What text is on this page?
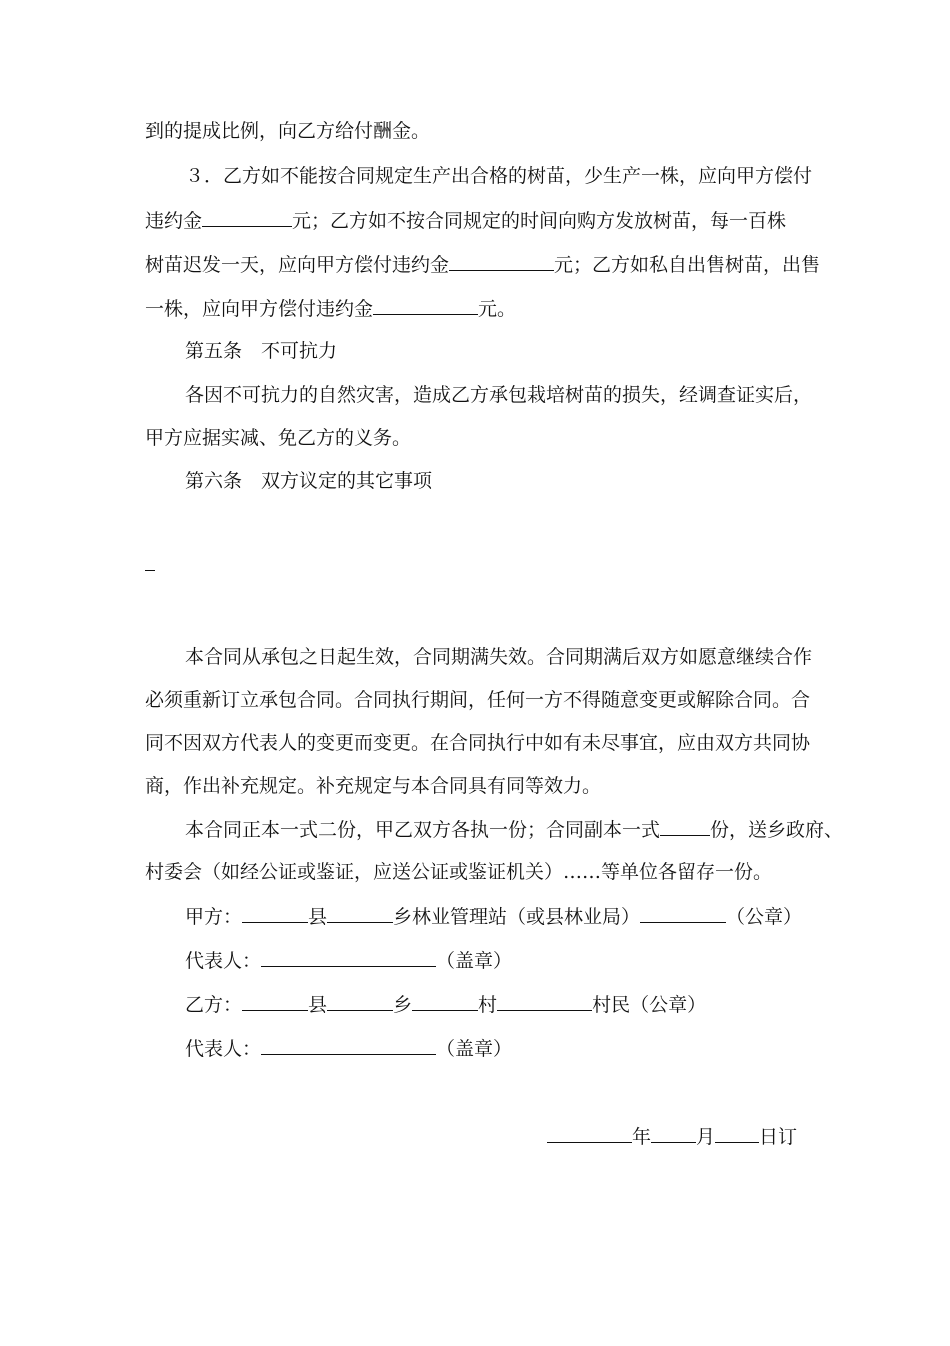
到的提成比例，向乙方给付酬金。
３．乙方如不能按合同规定生产出合格的树苗，少生产一株，应向甲方偿付
违约金	元；乙方如不按合同规定的时间向购方发放树苗，每一百株
树苗迟发一天，应向甲方偿付违约金	元；乙方如私自出售树苗，出售
一株，应向甲方偿付违约金	元。
第五条　不可抗力
各因不可抗力的自然灾害，造成乙方承包栽培树苗的损失，经调查证实后，
甲方应据实减、免乙方的义务。
第六条　双方议定的其它事项
本合同从承包之日起生效，合同期满失效。合同期满后双方如愿意继续合作
必须重新订立承包合同。合同执行期间，任何一方不得随意变更或解除合同。合
同不因双方代表人的变更而变更。在合同执行中如有未尽事宜，应由双方共同协
商，作出补充规定。补充规定与本合同具有同等效力。
本合同正本一式二份，甲乙双方各执一份；合同副本一式	份，送乡政府、
村委会（如经公证或鉴证，应送公证或鉴证机关）……等单位各留存一份。
甲方：	县	乡林业管理站（或县林业局）	（公章）
代表人：	（盖章）
乙方：	县	乡	村	村民（公章）
代表人：	（盖章）
年 月 日订
